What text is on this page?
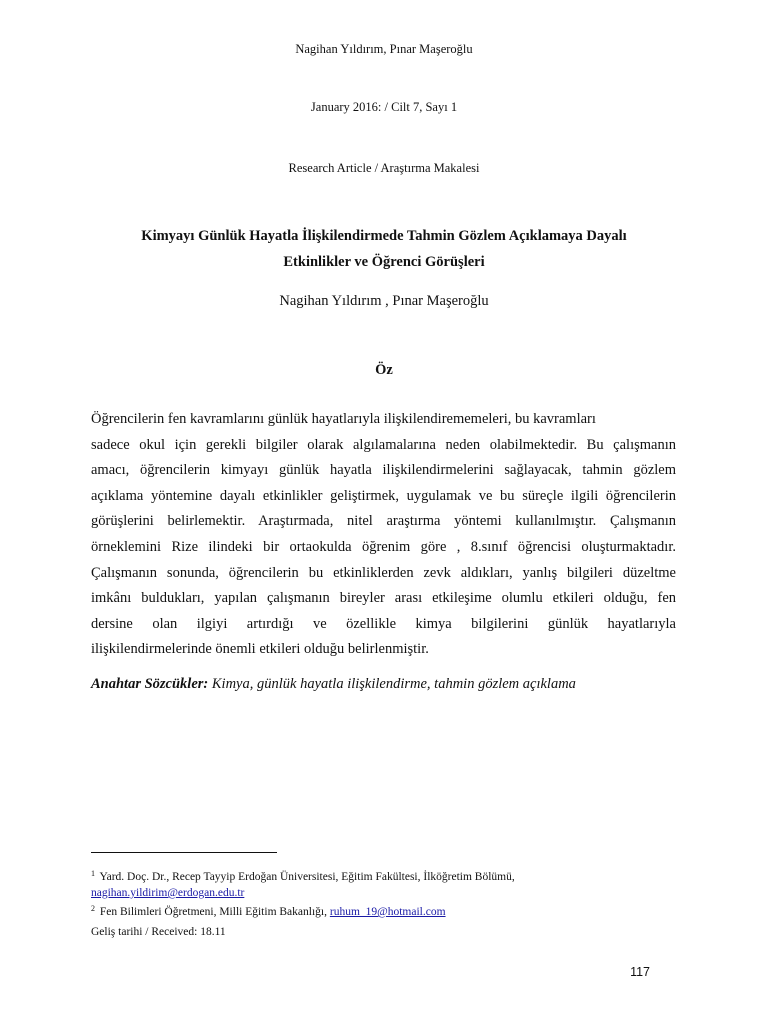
Nagihan Yıldırım, Pınar Maşeroğlu
January 2016: / Cilt 7, Sayı 1
Research Article / Araştırma Makalesi
Kimyayı Günlük Hayatla İlişkilendirmede Tahmin Gözlem Açıklamaya Dayalı
Etkinlikler ve Öğrenci Görüşleri
Nagihan Yıldırım , Pınar Maşeroğlu
Öz
Öğrencilerin fen kavramlarını günlük hayatlarıyla ilişkilendirememeleri, bu kavramları
sadece okul için gerekli bilgiler olarak algılamalarına neden olabilmektedir. Bu çalışmanın
amacı, öğrencilerin kimyayı günlük hayatla ilişkilendirmelerini sağlayacak, tahmin gözlem
açıklama yöntemine dayalı etkinlikler geliştirmek, uygulamak ve bu süreçle ilgili öğrencilerin
görüşlerini belirlemektir. Araştırmada, nitel araştırma yöntemi kullanılmıştır. Çalışmanın
örneklemini Rize ilindeki bir ortaokulda öğrenim göre , 8.sınıf öğrencisi oluşturmaktadır.
Çalışmanın sonunda, öğrencilerin bu etkinliklerden zevk aldıkları, yanlış bilgileri düzeltme
imkânı buldukları, yapılan çalışmanın bireyler arası etkileşime olumlu etkileri olduğu, fen
dersine olan ilgiyi artırdığı ve özellikle kimya bilgilerini günlük hayatlarıyla
ilişkilendirmelerinde önemli etkileri olduğu belirlenmiştir.
Anahtar Sözcükler: Kimya, günlük hayatla ilişkilendirme, tahmin gözlem açıklama
$^1$ Yard. Doç. Dr., Recep Tayyip Erdoğan Üniversitesi, Eğitim Fakültesi, İlköğretim Bölümü,
nagihan.yildirim@erdogan.edu.tr
$^2$ Fen Bilimleri Öğretmeni, Milli Eğitim Bakanlığı, ruhum_19@hotmail.com
Geliş tarihi / Received: 18.11
117
